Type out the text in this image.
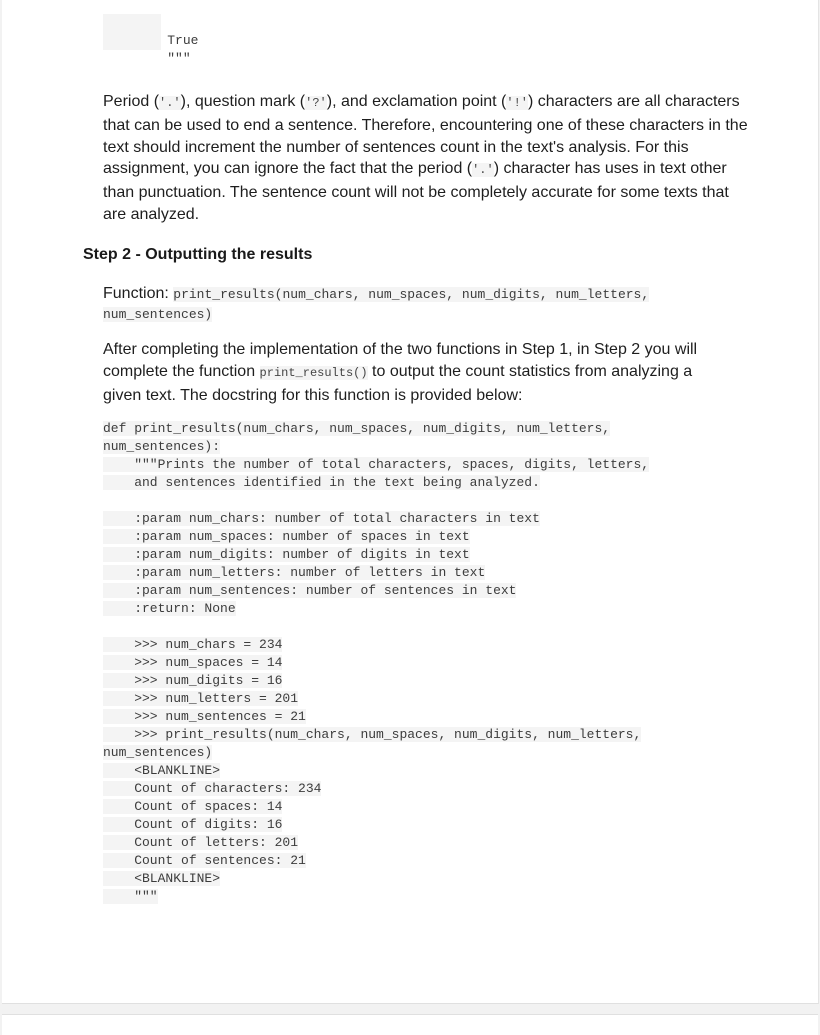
True

"""

Period ('.'), question mark ('?'), and exclamation point ('!') characters are all characters that can be used to end a sentence. Therefore, encountering one of these characters in the text should increment the number of sentences count in the text's analysis. For this assignment, you can ignore the fact that the period ('.') character has uses in text other than punctuation. The sentence count will not be completely accurate for some texts that are analyzed.
Step 2 - Outputting the results
Function: print_results(num_chars, num_spaces, num_digits, num_letters,
num_sentences)
After completing the implementation of the two functions in Step 1, in Step 2 you will complete the function print_results() to output the count statistics from analyzing a given text. The docstring for this function is provided below:
def print_results(num_chars, num_spaces, num_digits, num_letters,
num_sentences):
"""Prints the number of total characters, spaces, digits, letters,
and sentences identified in the text being analyzed.
:param num_chars: number of total characters in text
:param num_spaces: number of spaces in text
:param num_digits: number of digits in text
:param num_letters: number of letters in text
:param num_sentences: number of sentences in text
:return: None
>>> num_chars = 234
>>> num_spaces = 14
>>> num_digits = 16
>>> num_letters = 201
>>> num_sentences = 21
>>> print_results(num_chars, num_spaces, num_digits, num_letters,
num_sentences)
<BLANKLINE>
Count of characters: 234
Count of spaces: 14
Count of digits: 16
Count of letters: 201
Count of sentences: 21
<BLANKLINE>
"""
